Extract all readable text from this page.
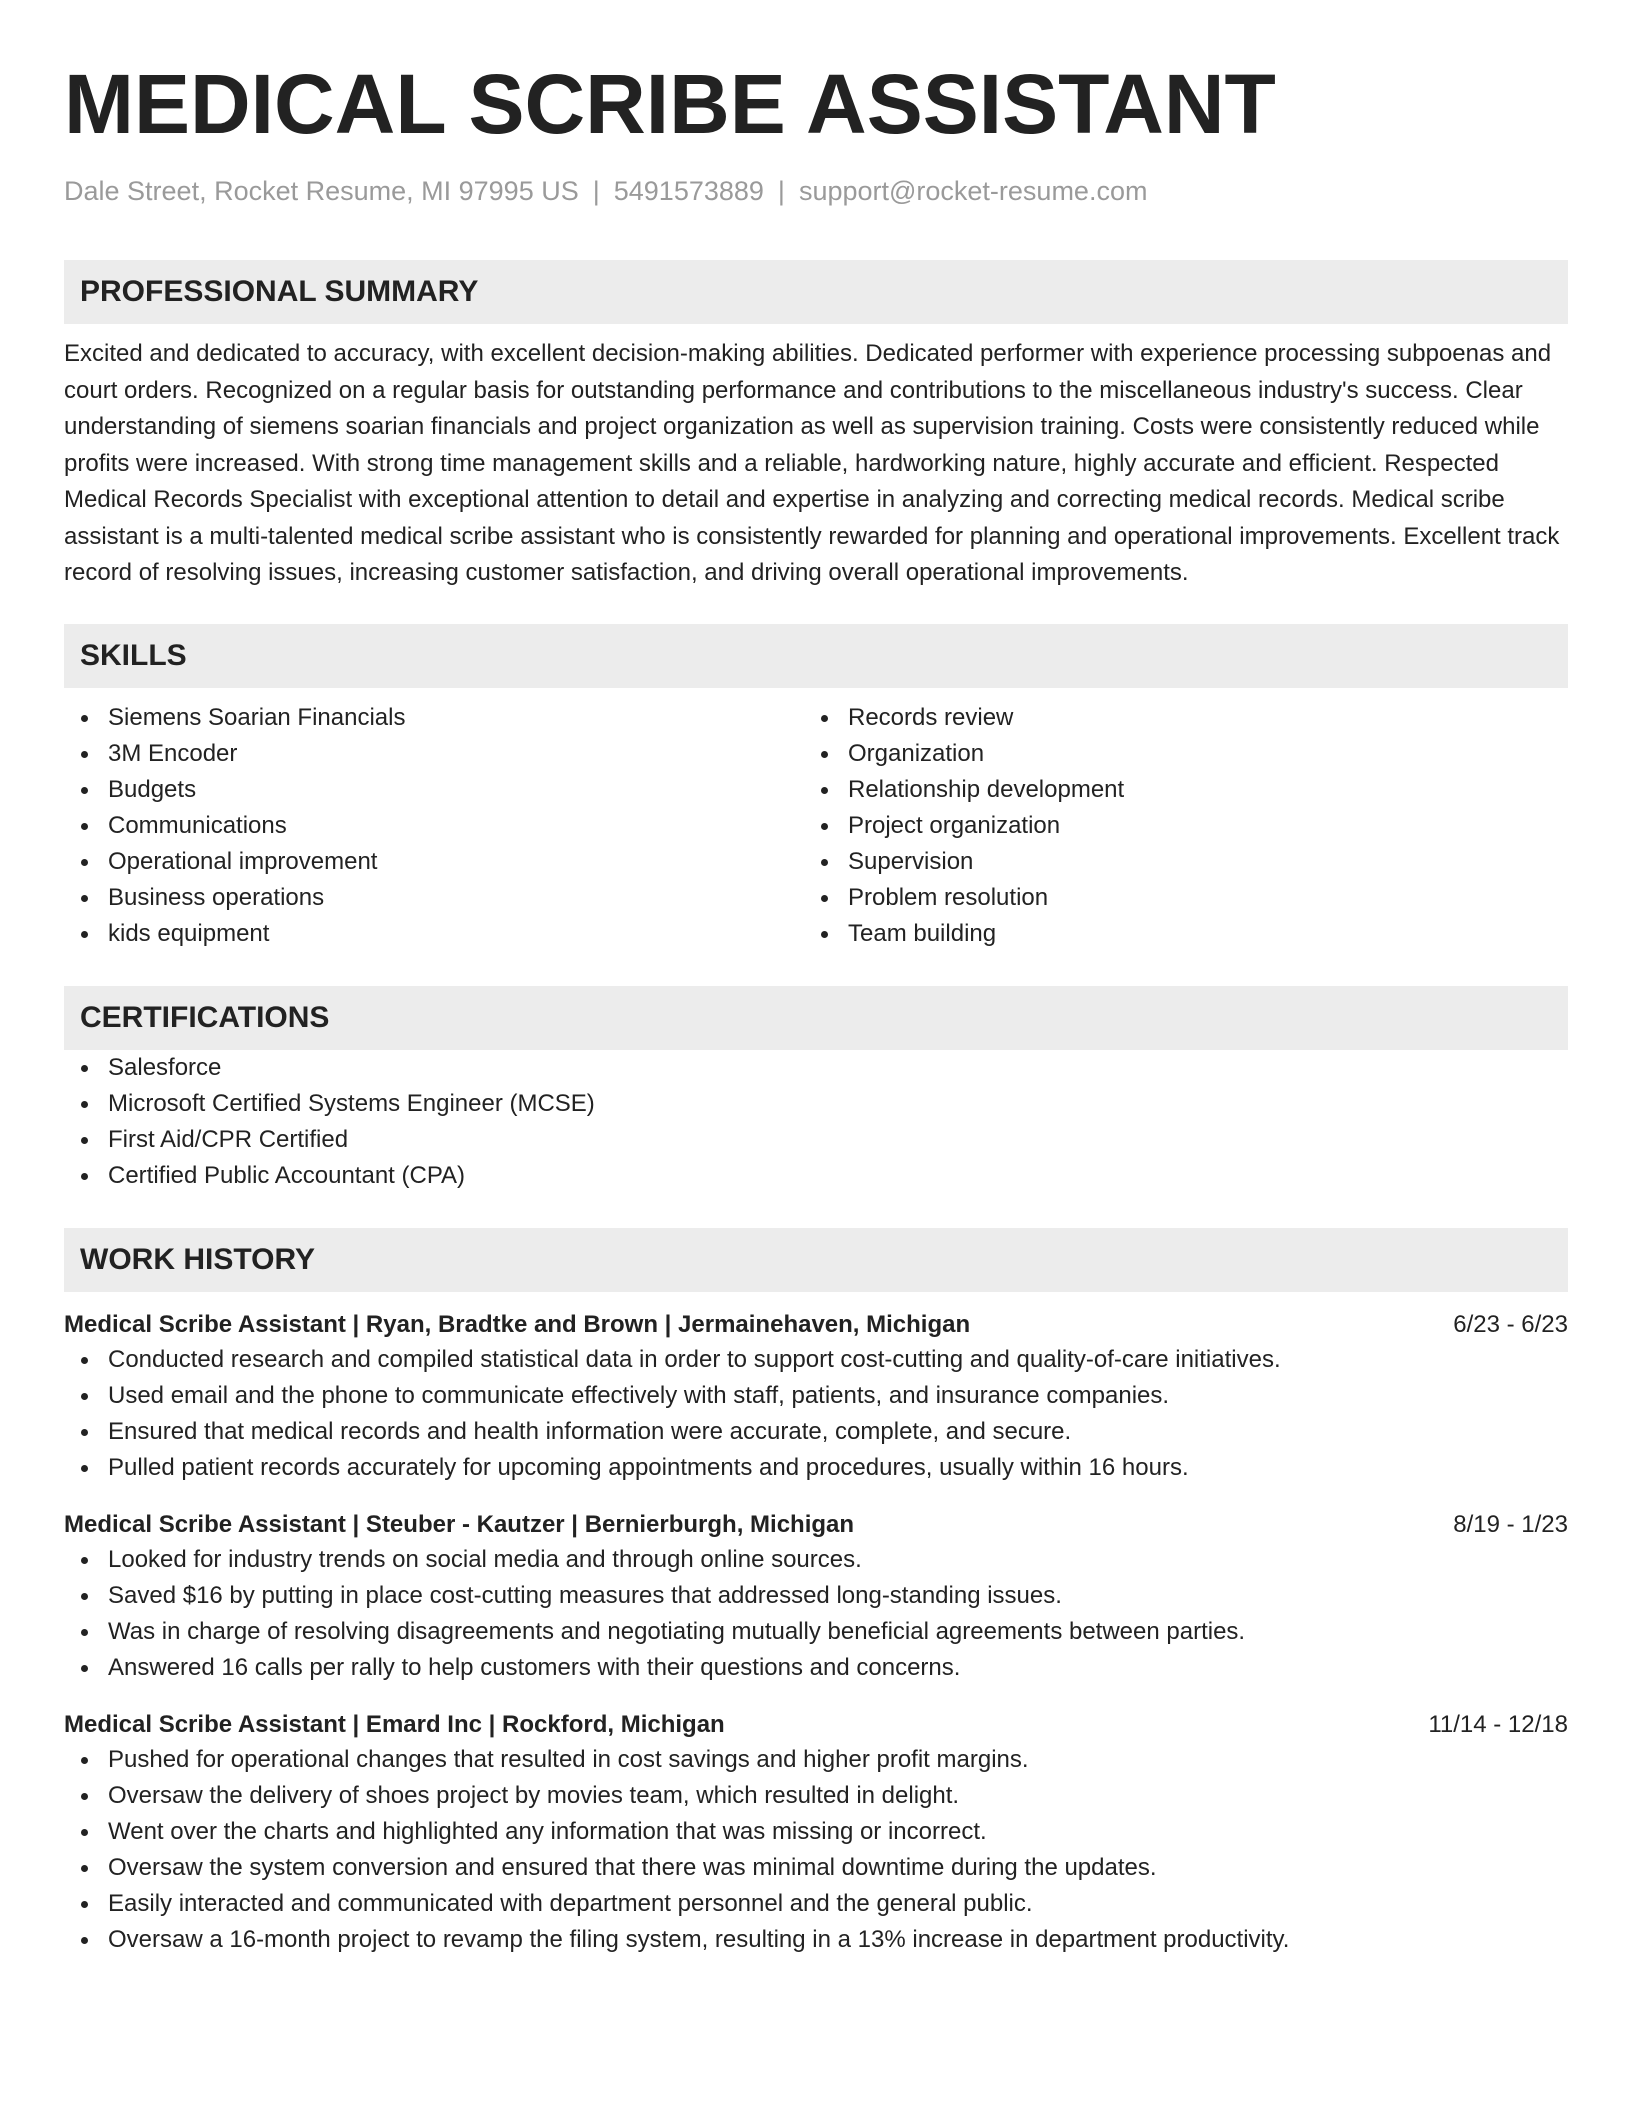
MEDICAL SCRIBE ASSISTANT
Dale Street, Rocket Resume, MI 97995 US | 5491573889 | support@rocket-resume.com
PROFESSIONAL SUMMARY
Excited and dedicated to accuracy, with excellent decision-making abilities. Dedicated performer with experience processing subpoenas and court orders. Recognized on a regular basis for outstanding performance and contributions to the miscellaneous industry's success. Clear understanding of siemens soarian financials and project organization as well as supervision training. Costs were consistently reduced while profits were increased. With strong time management skills and a reliable, hardworking nature, highly accurate and efficient. Respected Medical Records Specialist with exceptional attention to detail and expertise in analyzing and correcting medical records. Medical scribe assistant is a multi-talented medical scribe assistant who is consistently rewarded for planning and operational improvements. Excellent track record of resolving issues, increasing customer satisfaction, and driving overall operational improvements.
SKILLS
Siemens Soarian Financials
3M Encoder
Budgets
Communications
Operational improvement
Business operations
kids equipment
Records review
Organization
Relationship development
Project organization
Supervision
Problem resolution
Team building
CERTIFICATIONS
Salesforce
Microsoft Certified Systems Engineer (MCSE)
First Aid/CPR Certified
Certified Public Accountant (CPA)
WORK HISTORY
Medical Scribe Assistant | Ryan, Bradtke and Brown | Jermainehaven, Michigan	6/23 - 6/23
Conducted research and compiled statistical data in order to support cost-cutting and quality-of-care initiatives.
Used email and the phone to communicate effectively with staff, patients, and insurance companies.
Ensured that medical records and health information were accurate, complete, and secure.
Pulled patient records accurately for upcoming appointments and procedures, usually within 16 hours.
Medical Scribe Assistant | Steuber - Kautzer | Bernierburgh, Michigan	8/19 - 1/23
Looked for industry trends on social media and through online sources.
Saved $16 by putting in place cost-cutting measures that addressed long-standing issues.
Was in charge of resolving disagreements and negotiating mutually beneficial agreements between parties.
Answered 16 calls per rally to help customers with their questions and concerns.
Medical Scribe Assistant | Emard Inc | Rockford, Michigan	11/14 - 12/18
Pushed for operational changes that resulted in cost savings and higher profit margins.
Oversaw the delivery of shoes project by movies team, which resulted in delight.
Went over the charts and highlighted any information that was missing or incorrect.
Oversaw the system conversion and ensured that there was minimal downtime during the updates.
Easily interacted and communicated with department personnel and the general public.
Oversaw a 16-month project to revamp the filing system, resulting in a 13% increase in department productivity.
